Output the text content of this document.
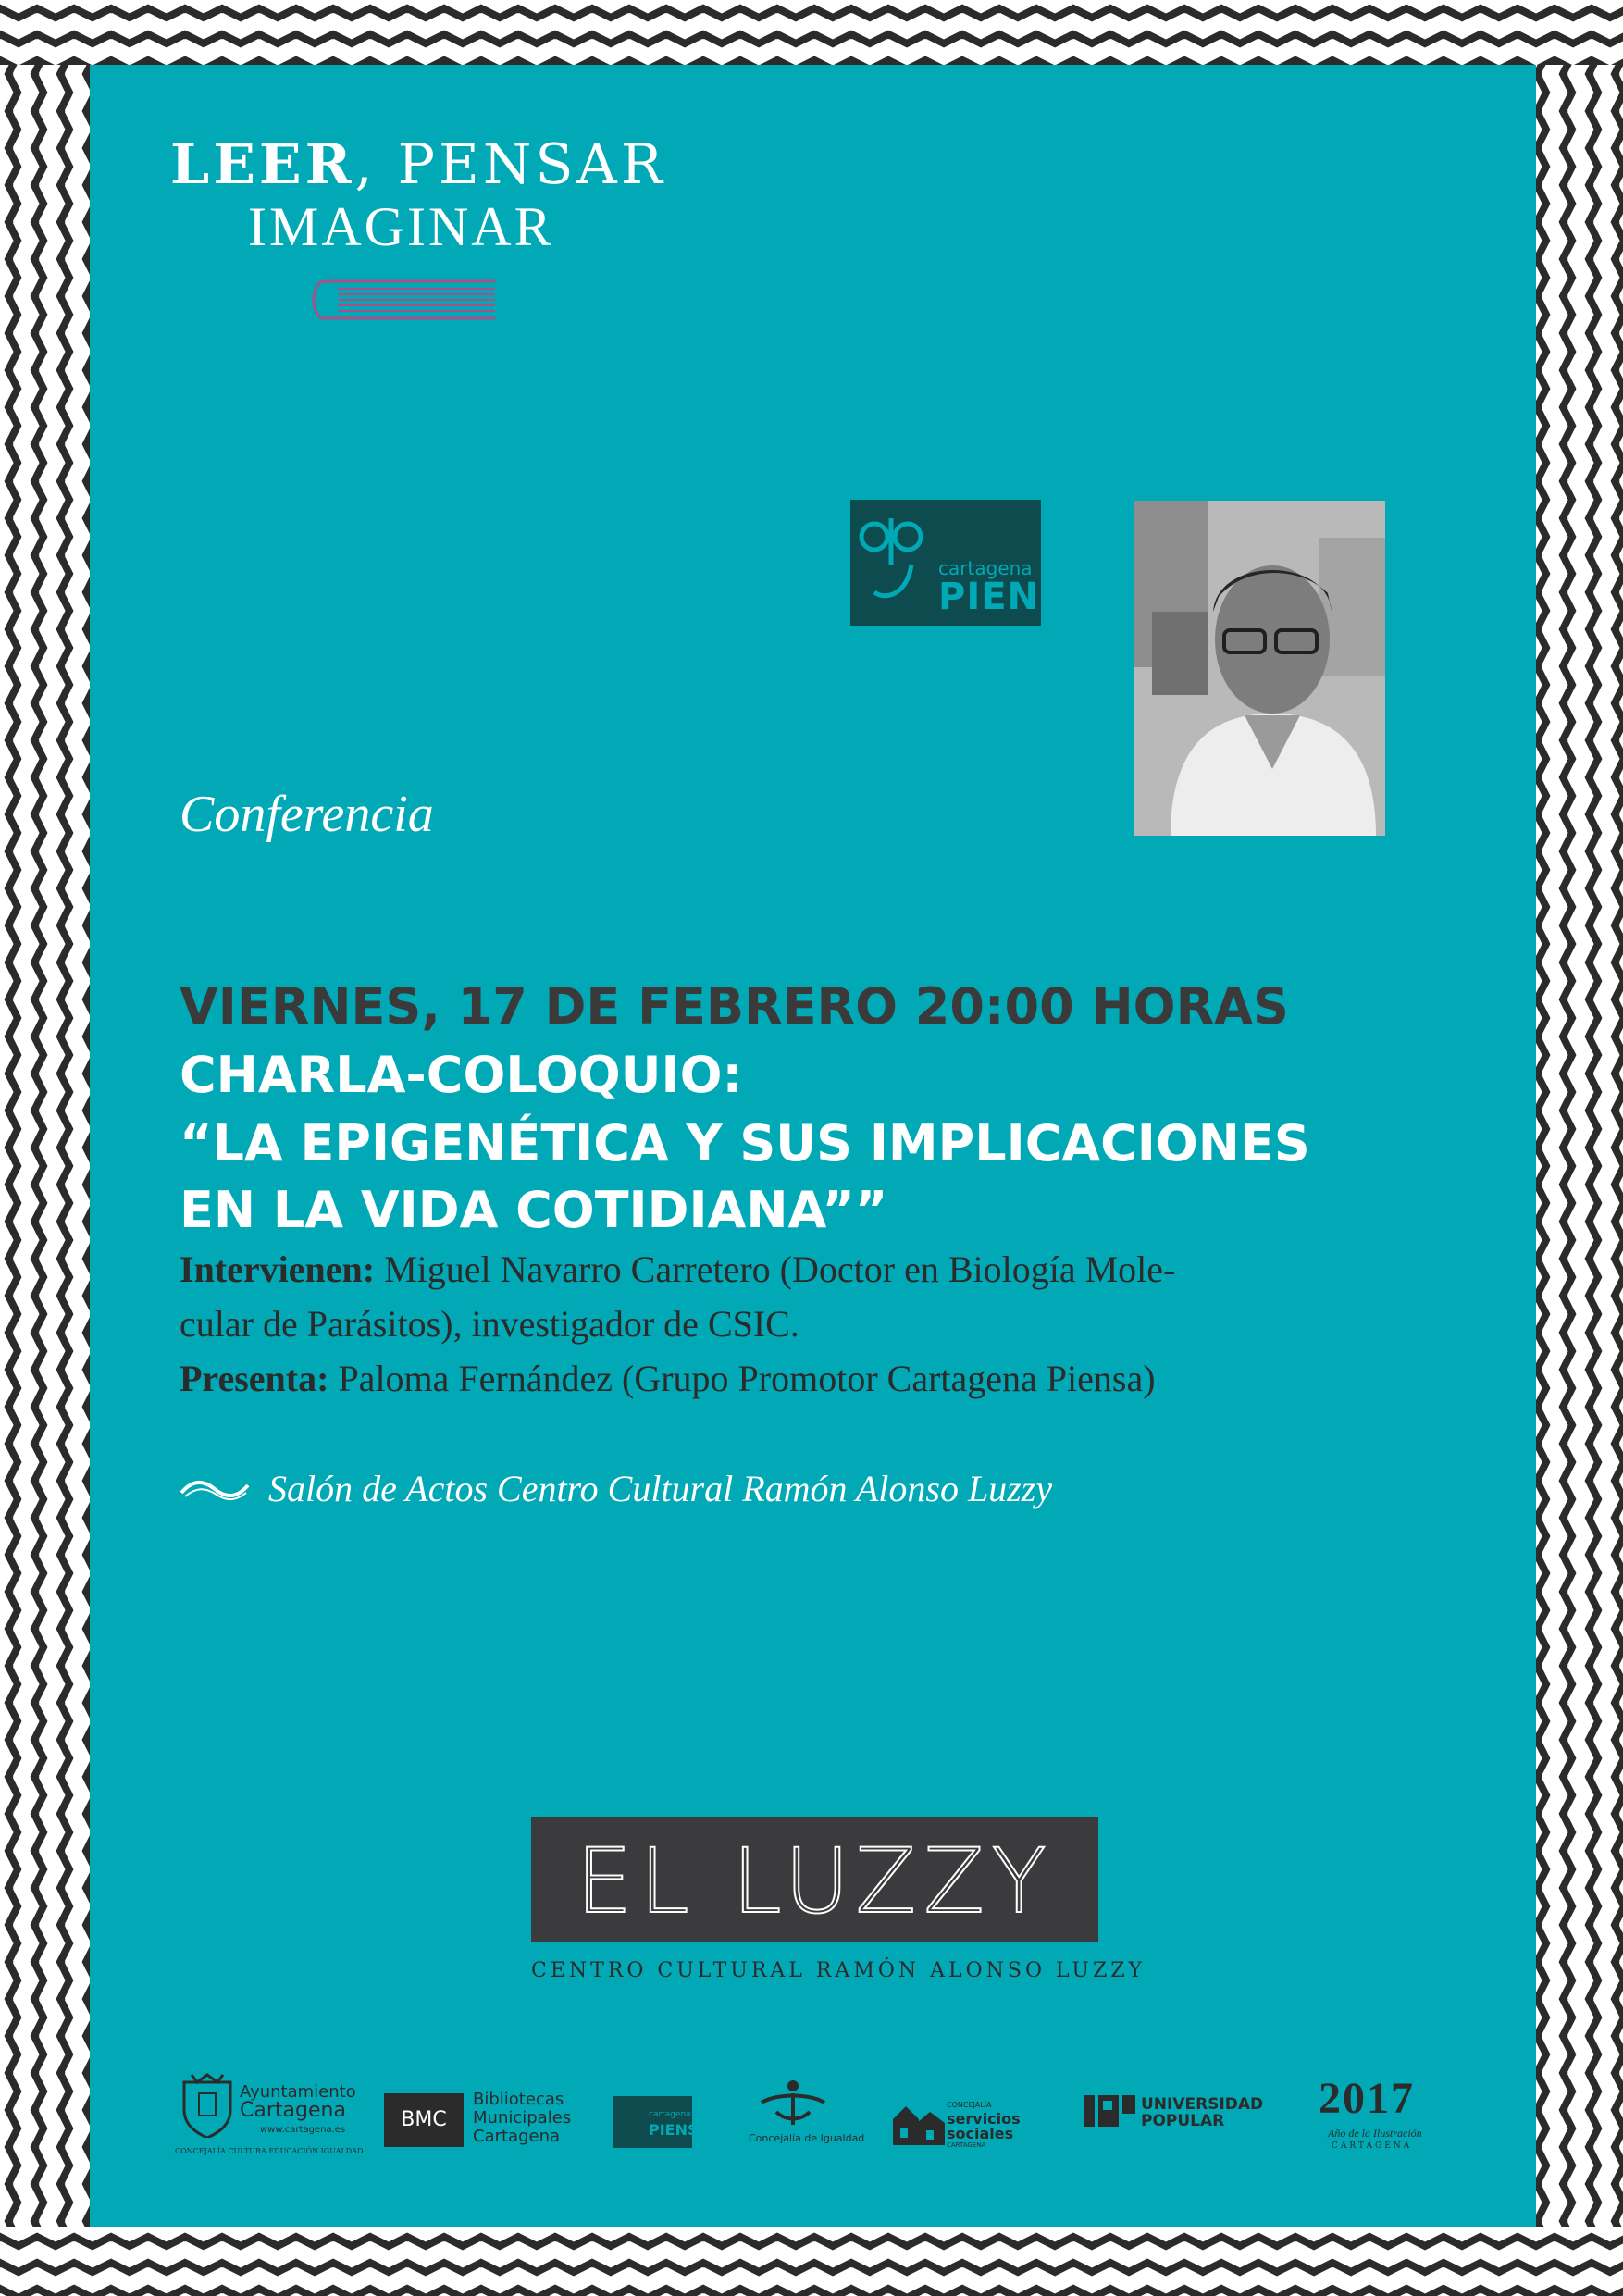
LEER, PENSAR
IMAGINAR
cartagena
PIENSA
Conferencia
VIERNES, 17 DE FEBRERO 20:00 HORAS
CHARLA-COLOQUIO:
“LA EPIGENÉTICA Y SUS IMPLICACIONES
EN LA VIDA COTIDIANA””
Intervienen: Miguel Navarro Carretero (Doctor en Biología Mole-
cular de Parásitos), investigador de CSIC.
Presenta: Paloma Fernández (Grupo Promotor Cartagena Piensa)
Salón de Actos Centro Cultural Ramón Alonso Luzzy
EL LUZZY
CENTRO CULTURAL RAMÓN ALONSO LUZZY
Ayuntamiento
Cartagena
www.cartagena.es
CONCEJALÍA CULTURA EDUCACIÓN IGUALDAD
BMC
Bibliotecas
Municipales
Cartagena
cartagena
PIENSA	Concejalía de Igualdad
CONCEJALÍA
servicios
sociales
CARTAGENA
UNIVERSIDAD
POPULAR 2017
Año de la Ilustración
CARTAGENA
